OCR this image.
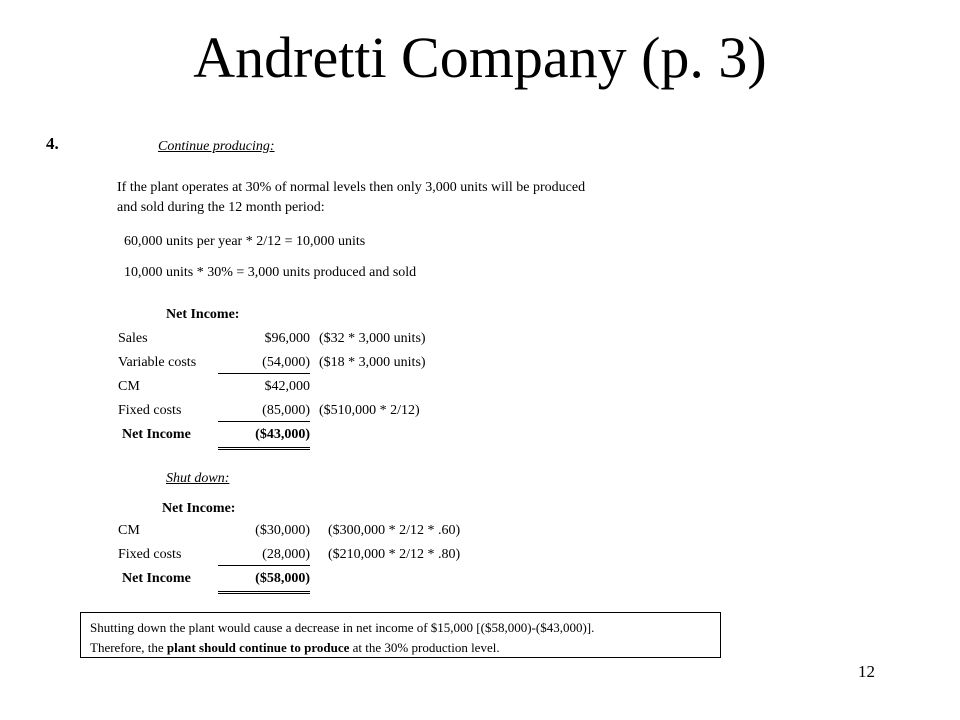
Andretti Company (p. 3)
4.	Continue producing:
If the plant operates at 30% of normal levels then only 3,000 units will be produced
and sold during the 12 month period:
60,000 units per year * 2/12 = 10,000 units
10,000 units * 30% = 3,000 units produced and sold
Net Income:
Sales	$96,000 ($32 * 3,000 units)
Variable costs	(54,000) ($18 * 3,000 units)
CM	$42,000
Fixed costs	(85,000) ($510,000 * 2/12)
Net Income	($43,000)
Shut down:
Net Income:
CM	($30,000) ($300,000 * 2/12 * .60)
Fixed costs	(28,000) ($210,000 * 2/12 * .80)
Net Income	($58,000)
Shutting down the plant would cause a decrease in net income of $15,000 [($58,000)-($43,000)].
Therefore, the plant should continue to produce at the 30% production level.
12
